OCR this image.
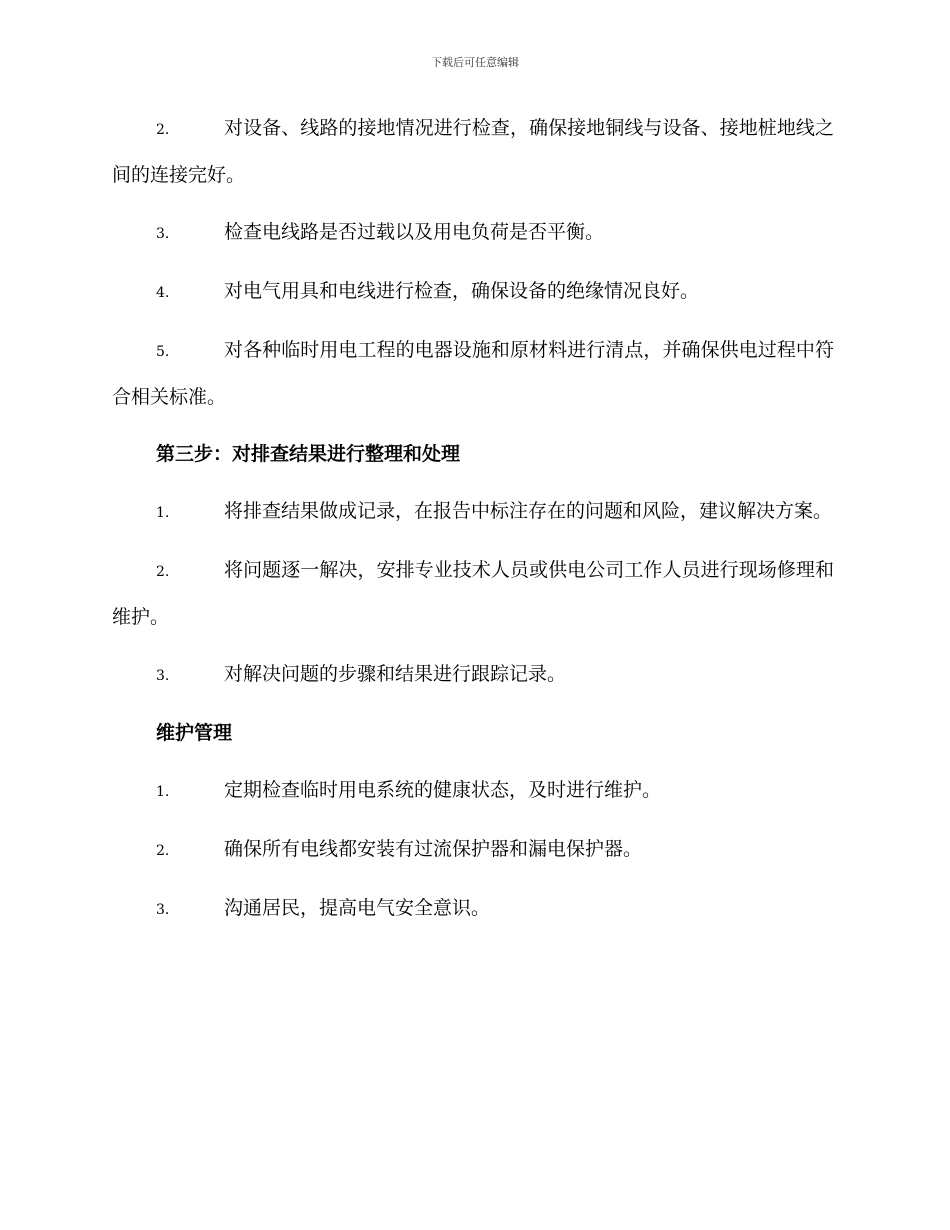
下载后可任意编辑

2.	对设备、线路的接地情况进行检查，确保接地铜线与设备、接地桩地线之间的连接完好。

3.	检查电线路是否过载以及用电负荷是否平衡。

4.	对电气用具和电线进行检查，确保设备的绝缘情况良好。

5.	对各种临时用电工程的电器设施和原材料进行清点，并确保供电过程中符合相关标准。

第三步：对排查结果进行整理和处理

1.	将排查结果做成记录，在报告中标注存在的问题和风险，建议解决方案。

2.	将问题逐一解决，安排专业技术人员或供电公司工作人员进行现场修理和维护。

3.	对解决问题的步骤和结果进行跟踪记录。

维护管理

1.	定期检查临时用电系统的健康状态，及时进行维护。

2.	确保所有电线都安装有过流保护器和漏电保护器。

3.	沟通居民，提高电气安全意识。
